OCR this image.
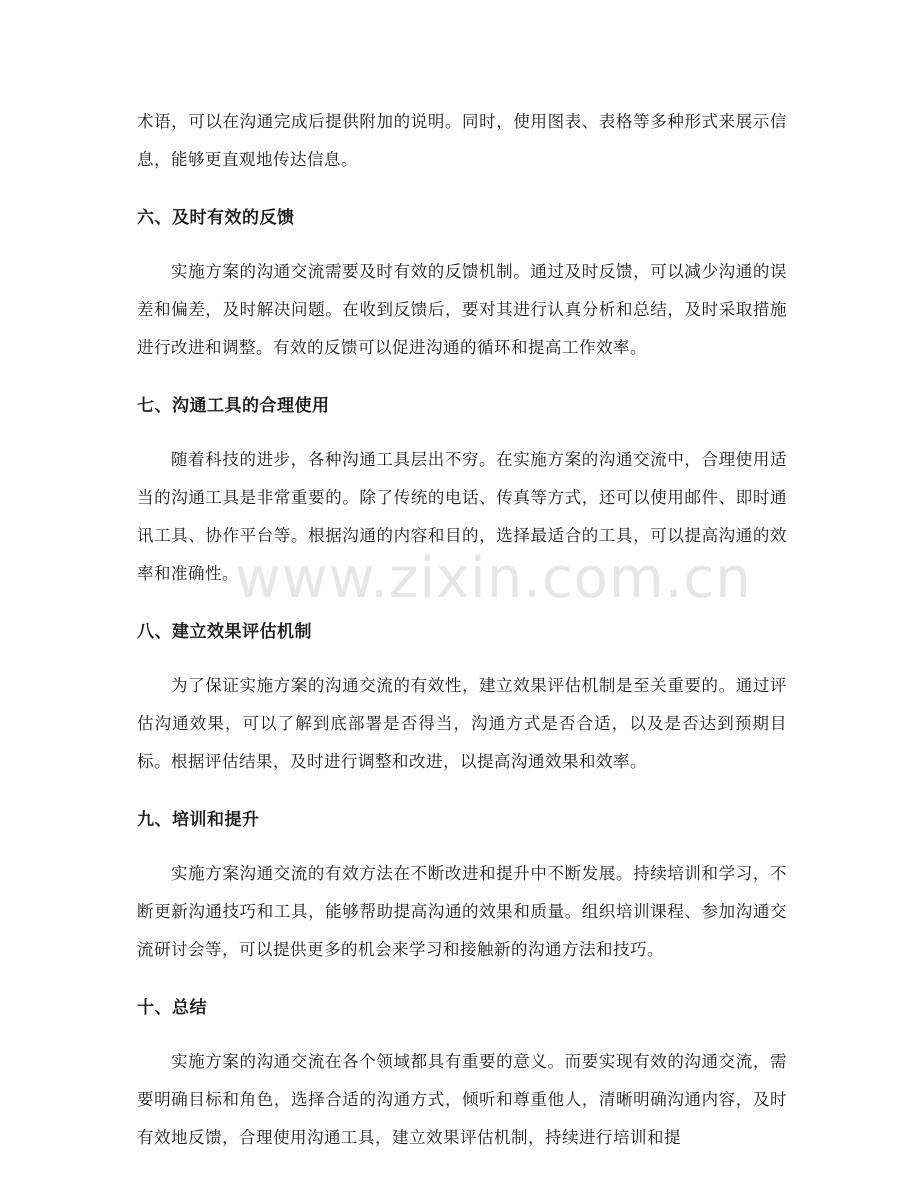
www.zixin.com.cn

术语，可以在沟通完成后提供附加的说明。同时，使用图表、表格等多种形式来展示信息，能够更直观地传达信息。

六、及时有效的反馈

实施方案的沟通交流需要及时有效的反馈机制。通过及时反馈，可以减少沟通的误差和偏差，及时解决问题。在收到反馈后，要对其进行认真分析和总结，及时采取措施进行改进和调整。有效的反馈可以促进沟通的循环和提高工作效率。

七、沟通工具的合理使用

随着科技的进步，各种沟通工具层出不穷。在实施方案的沟通交流中，合理使用适当的沟通工具是非常重要的。除了传统的电话、传真等方式，还可以使用邮件、即时通讯工具、协作平台等。根据沟通的内容和目的，选择最适合的工具，可以提高沟通的效率和准确性。

八、建立效果评估机制

为了保证实施方案的沟通交流的有效性，建立效果评估机制是至关重要的。通过评估沟通效果，可以了解到底部署是否得当，沟通方式是否合适，以及是否达到预期目标。根据评估结果，及时进行调整和改进，以提高沟通效果和效率。

九、培训和提升

实施方案沟通交流的有效方法在不断改进和提升中不断发展。持续培训和学习，不断更新沟通技巧和工具，能够帮助提高沟通的效果和质量。组织培训课程、参加沟通交流研讨会等，可以提供更多的机会来学习和接触新的沟通方法和技巧。

十、总结

实施方案的沟通交流在各个领域都具有重要的意义。而要实现有效的沟通交流，需要明确目标和角色，选择合适的沟通方式，倾听和尊重他人，清晰明确沟通内容，及时有效地反馈，合理使用沟通工具，建立效果评估机制，持续进行培训和提
